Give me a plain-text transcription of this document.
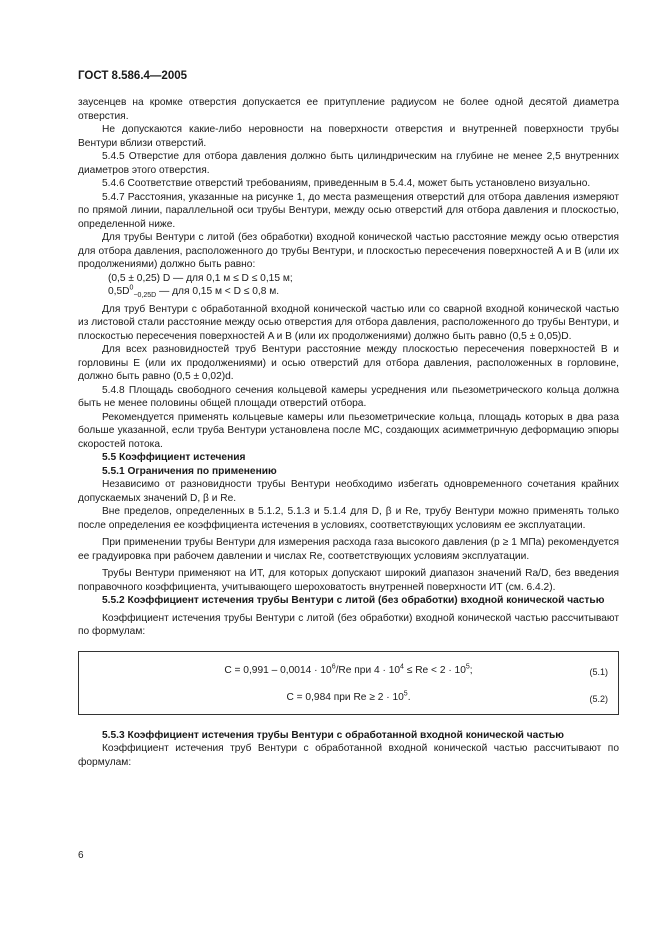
ГОСТ 8.586.4—2005

заусенцев на кромке отверстия допускается ее притупление радиусом не более одной десятой диаметра отверстия.

Не допускаются какие-либо неровности на поверхности отверстия и внутренней поверхности трубы Вентури вблизи отверстий.

5.4.5 Отверстие для отбора давления должно быть цилиндрическим на глубине не менее 2,5 внутренних диаметров этого отверстия.

5.4.6 Соответствие отверстий требованиям, приведенным в 5.4.4, может быть установлено визуально.

5.4.7 Расстояния, указанные на рисунке 1, до места размещения отверстий для отбора давления измеряют по прямой линии, параллельной оси трубы Вентури, между осью отверстий для отбора давления и плоскостью, определенной ниже.

Для трубы Вентури с литой (без обработки) входной конической частью расстояние между осью отверстия для отбора давления, расположенного до трубы Вентури, и плоскостью пересечения поверхностей A и B (или их продолжениями) должно быть равно:

(0,5 ± 0,25) D — для 0,1 м ≤ D ≤ 0,15 м;

$0,5D^0_{-0,25D}$ — для 0,15 м < D ≤ 0,8 м.

Для труб Вентури с обработанной входной конической частью или со сварной входной конической частью из листовой стали расстояние между осью отверстия для отбора давления, расположенного до трубы Вентури, и плоскостью пересечения поверхностей A и B (или их продолжениями) должно быть равно (0,5 ± 0,05)D.

Для всех разновидностей труб Вентури расстояние между плоскостью пересечения поверхностей B и горловины E (или их продолжениями) и осью отверстий для отбора давления, расположенных в горловине, должно быть равно (0,5 ± 0,02)d.

5.4.8 Площадь свободного сечения кольцевой камеры усреднения или пьезометрического кольца должна быть не менее половины общей площади отверстий отбора.

Рекомендуется применять кольцевые камеры или пьезометрические кольца, площадь которых в два раза больше указанной, если труба Вентури установлена после МС, создающих асимметричную деформацию эпюры скоростей потока.

5.5 Коэффициент истечения

5.5.1 Ограничения по применению

Независимо от разновидности трубы Вентури необходимо избегать одновременного сочетания крайних допускаемых значений D, β и Re.

Вне пределов, определенных в 5.1.2, 5.1.3 и 5.1.4 для D, β и Re, трубу Вентури можно применять только после определения ее коэффициента истечения в условиях, соответствующих условиям ее эксплуатации.

При применении трубы Вентури для измерения расхода газа высокого давления (p ≥ 1 МПа) рекомендуется ее градуировка при рабочем давлении и числах Re, соответствующих условиям эксплуатации.

Трубы Вентури применяют на ИТ, для которых допускают широкий диапазон значений Ra/D, без введения поправочного коэффициента, учитывающего шероховатость внутренней поверхности ИТ (см. 6.4.2).

5.5.2 Коэффициент истечения трубы Вентури с литой (без обработки) входной конической частью

Коэффициент истечения трубы Вентури с литой (без обработки) входной конической частью рассчитывают по формулам:

$C = 0,991 - 0,0014 \cdot 10^6/Re$ при $4 \cdot 10^4 \le Re < 2 \cdot 10^5$;	(5.1)
C = 0,984 при $Re \ge 2 \cdot 10^5$.	(5.2)

5.5.3 Коэффициент истечения трубы Вентури с обработанной входной конической частью

Коэффициент истечения труб Вентури с обработанной входной конической частью рассчитывают по формулам:

6
